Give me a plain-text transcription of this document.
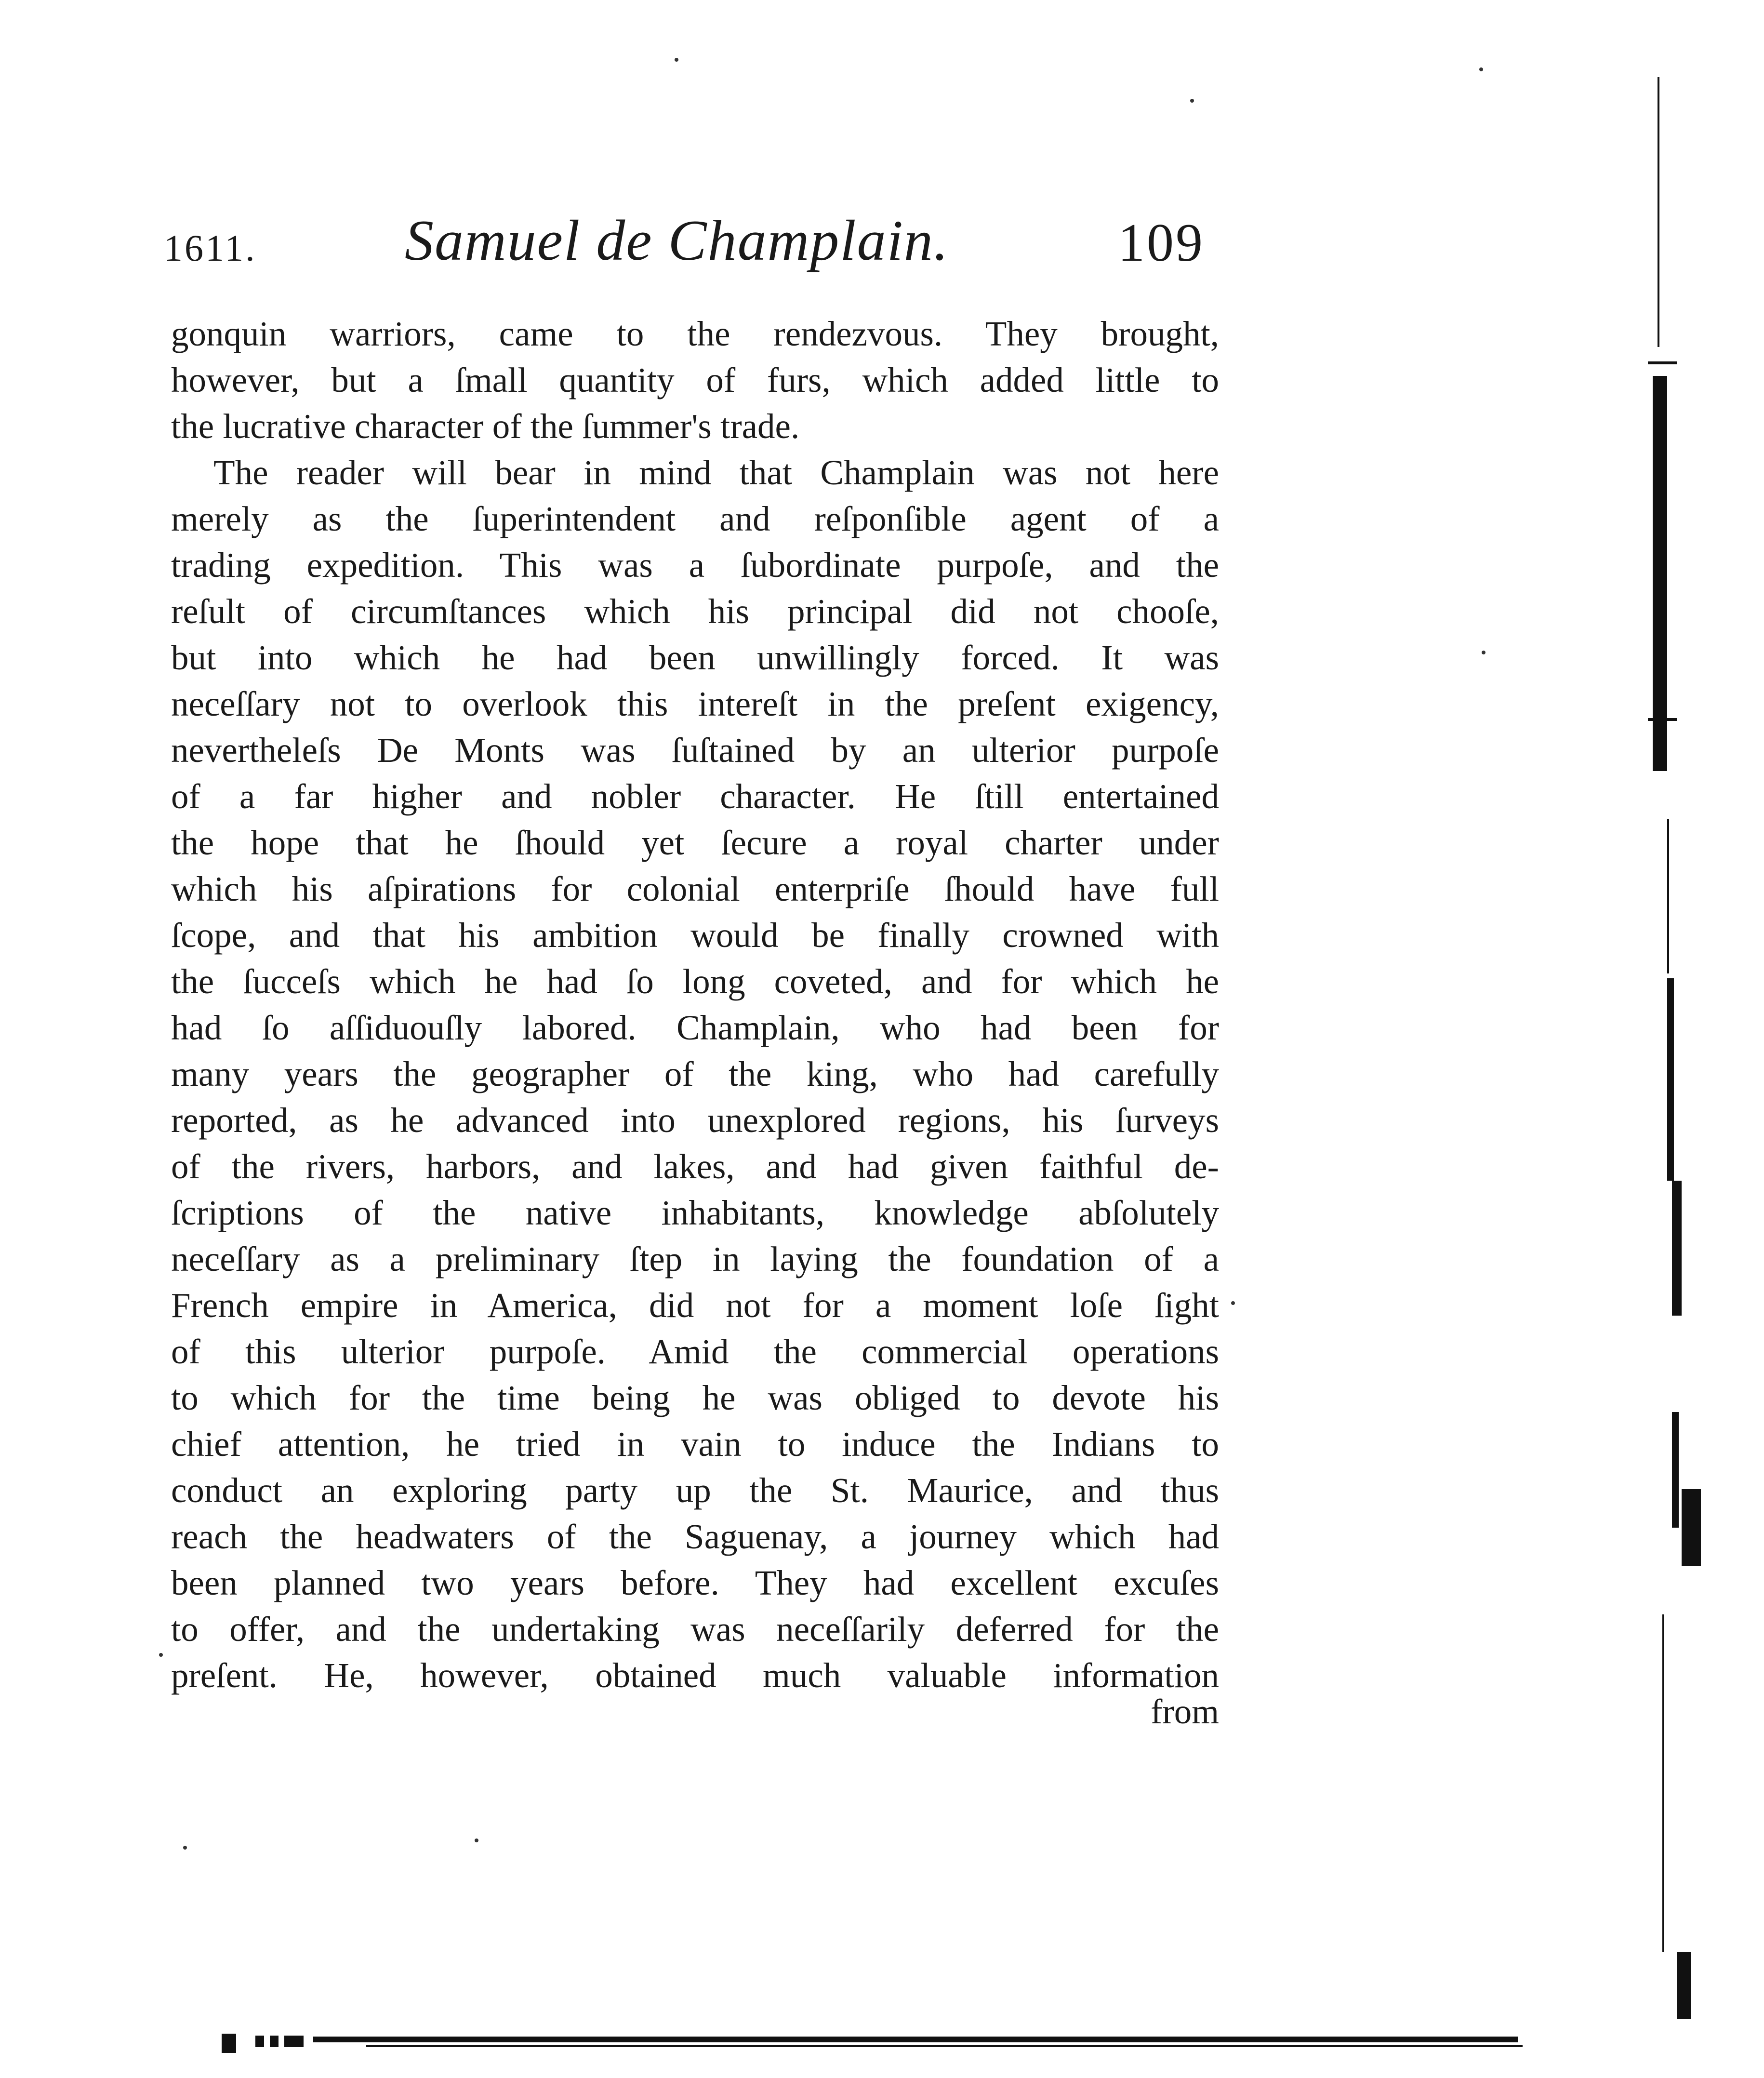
1611.	Samuel de Champlain.	109
gonquin warriors, came to the rendezvous. They brought,
however, but a ſmall quantity of furs, which added little to
the lucrative character of the ſummer's trade.
The reader will bear in mind that Champlain was not here
merely as the ſuperintendent and reſponſible agent of a
trading expedition. This was a ſubordinate purpoſe, and the
reſult of circumſtances which his principal did not chooſe,
but into which he had been unwillingly forced. It was
neceſſary not to overlook this intereſt in the preſent exigency,
nevertheleſs De Monts was ſuſtained by an ulterior purpoſe
of a far higher and nobler character. He ſtill entertained
the hope that he ſhould yet ſecure a royal charter under
which his aſpirations for colonial enterpriſe ſhould have full
ſcope, and that his ambition would be finally crowned with
the ſucceſs which he had ſo long coveted, and for which he
had ſo aſſiduouſly labored. Champlain, who had been for
many years the geographer of the king, who had carefully
reported, as he advanced into unexplored regions, his ſurveys
of the rivers, harbors, and lakes, and had given faithful de-
ſcriptions of the native inhabitants, knowledge abſolutely
neceſſary as a preliminary ſtep in laying the foundation of a
French empire in America, did not for a moment loſe ſight
of this ulterior purpoſe. Amid the commercial operations
to which for the time being he was obliged to devote his
chief attention, he tried in vain to induce the Indians to
conduct an exploring party up the St. Maurice, and thus
reach the headwaters of the Saguenay, a journey which had
been planned two years before. They had excellent excuſes
to offer, and the undertaking was neceſſarily deferred for the
preſent. He, however, obtained much valuable information
from
